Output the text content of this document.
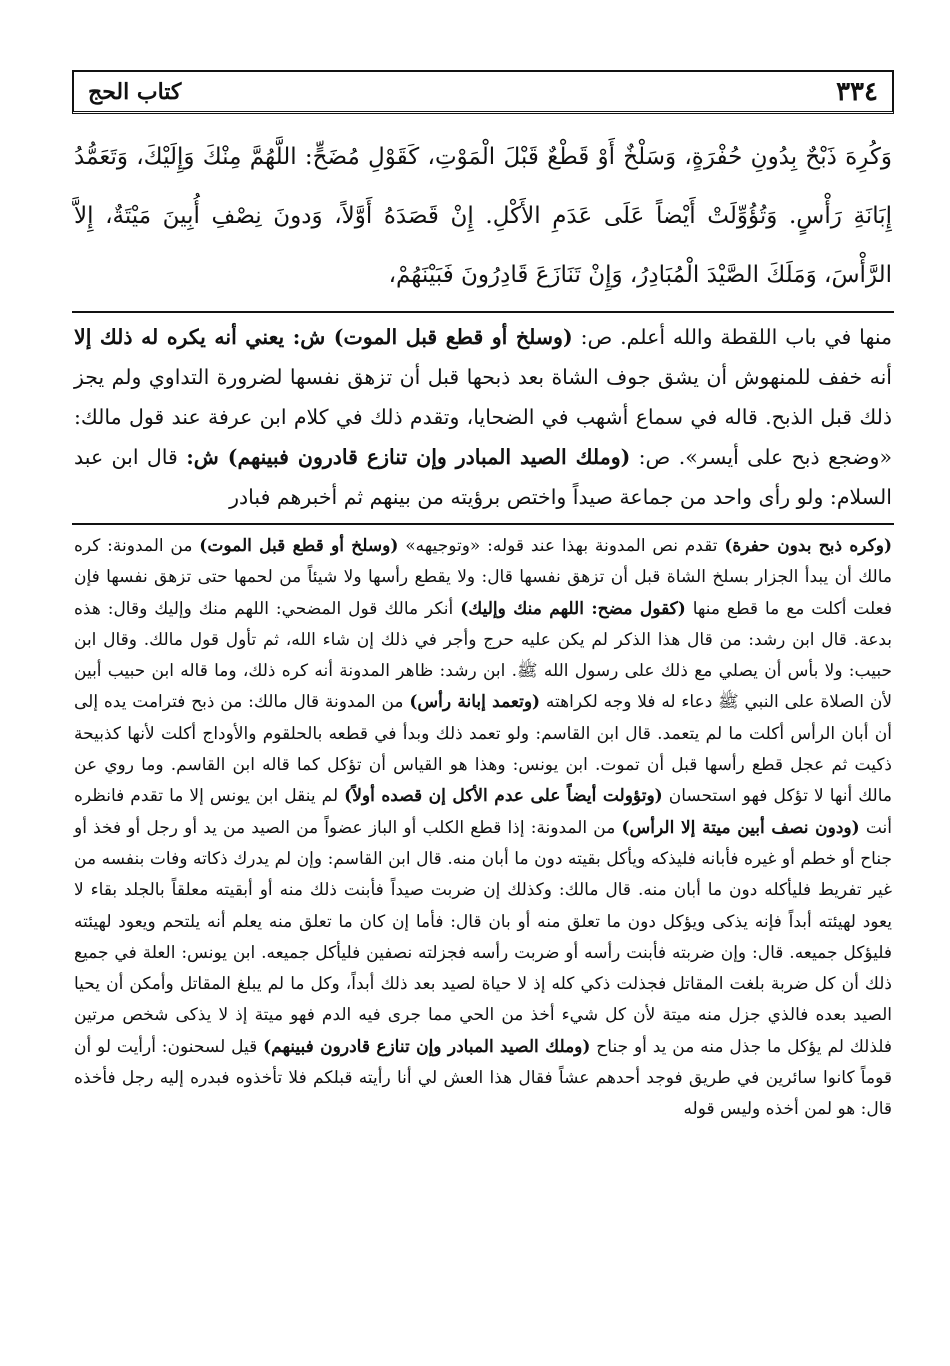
٣٣٤
كتاب الحج

وَكُرِهَ ذَبْحٌ بِدُونِ حُفْرَةٍ، وَسَلْخٌ أَوْ قَطْعٌ قَبْلَ الْمَوْتِ، كَقَوْلِ مُضَحٍّ: اللَّهُمَّ مِنْكَ وَإِلَيْكَ، وَتَعَمُّدُ إِبَانَةِ رَأْسٍ. وَتُؤُوِّلَتْ أَيْضاً عَلَى عَدَمِ الأَكْلِ. إِنْ قَصَدَهُ أَوَّلاً، وَدونَ نِصْفِ أُبِينَ مَيْتَةٌ، إِلاَّ الرَّأْسَ، وَمَلَكَ الصَّيْدَ الْمُبَادِرُ، وَإِنْ تَنَازَعَ قَادِرُونَ فَبَيْنَهُمْ،

منها في باب اللقطة والله أعلم. ص: (وسلخ أو قطع قبل الموت) ش: يعني أنه يكره له ذلك إلا أنه خفف للمنهوش أن يشق جوف الشاة بعد ذبحها قبل أن تزهق نفسها لضرورة التداوي ولم يجز ذلك قبل الذبح. قاله في سماع أشهب في الضحايا، وتقدم ذلك في كلام ابن عرفة عند قول مالك: «وضجع ذبح على أيسر». ص: (وملك الصيد المبادر وإن تنازع قادرون فبينهم) ش: قال ابن عبد السلام: ولو رأى واحد من جماعة صيداً واختص برؤيته من بينهم ثم أخبرهم فبادر

(وكره ذبح بدون حفرة) تقدم نص المدونة بهذا عند قوله: «وتوجيهه» (وسلخ أو قطع قبل الموت) من المدونة: كره مالك أن يبدأ الجزار بسلخ الشاة قبل أن تزهق نفسها قال: ولا يقطع رأسها ولا شيئاً من لحمها حتى تزهق نفسها فإن فعلت أكلت مع ما قطع منها (كقول مضح: اللهم منك وإليك) أنكر مالك قول المضحي: اللهم منك وإليك وقال: هذه بدعة. قال ابن رشد: من قال هذا الذكر لم يكن عليه حرج وأجر في ذلك إن شاء الله، ثم تأول قول مالك. وقال ابن حبيب: ولا بأس أن يصلي مع ذلك على رسول الله ﷺ. ابن رشد: ظاهر المدونة أنه كره ذلك، وما قاله ابن حبيب أبين لأن الصلاة على النبي ﷺ دعاء له فلا وجه لكراهته (وتعمد إبانة رأس) من المدونة قال مالك: من ذبح فترامت يده إلى أن أبان الرأس أكلت ما لم يتعمد. قال ابن القاسم: ولو تعمد ذلك وبدأ في قطعه بالحلقوم والأوداج أكلت لأنها كذبيحة ذكيت ثم عجل قطع رأسها قبل أن تموت. ابن يونس: وهذا هو القياس أن تؤكل كما قاله ابن القاسم. وما روي عن مالك أنها لا تؤكل فهو استحسان (وتؤولت أيضاً على عدم الأكل إن قصده أولاً) لم ينقل ابن يونس إلا ما تقدم فانظره أنت (ودون نصف أبين ميتة إلا الرأس) من المدونة: إذا قطع الكلب أو الباز عضواً من الصيد من يد أو رجل أو فخذ أو جناح أو خطم أو غيره فأبانه فليذكه ويأكل بقيته دون ما أبان منه. قال ابن القاسم: وإن لم يدرك ذكاته وفات بنفسه من غير تفريط فليأكله دون ما أبان منه. قال مالك: وكذلك إن ضربت صيداً فأبنت ذلك منه أو أبقيته معلقاً بالجلد بقاء لا يعود لهيئته أبداً فإنه يذكى ويؤكل دون ما تعلق منه أو بان قال: فأما إن كان ما تعلق منه يعلم أنه يلتحم ويعود لهيئته فليؤكل جميعه. قال: وإن ضربته فأبنت رأسه أو ضربت رأسه فجزلته نصفين فليأكل جميعه. ابن يونس: العلة في جميع ذلك أن كل ضربة بلغت المقاتل فجذلت ذكي كله إذ لا حياة لصيد بعد ذلك أبداً، وكل ما لم يبلغ المقاتل وأمكن أن يحيا الصيد بعده فالذي جزل منه ميتة لأن كل شيء أخذ من الحي مما جرى فيه الدم فهو ميتة إذ لا يذكى شخص مرتين فلذلك لم يؤكل ما جذل منه من يد أو جناح (وملك الصيد المبادر وإن تنازع قادرون فبينهم) قيل لسحنون: أرأيت لو أن قوماً كانوا سائرين في طريق فوجد أحدهم عشاً فقال هذا العش لي أنا رأيته قبلكم فلا تأخذوه فبدره إليه رجل فأخذه قال: هو لمن أخذه وليس قوله
